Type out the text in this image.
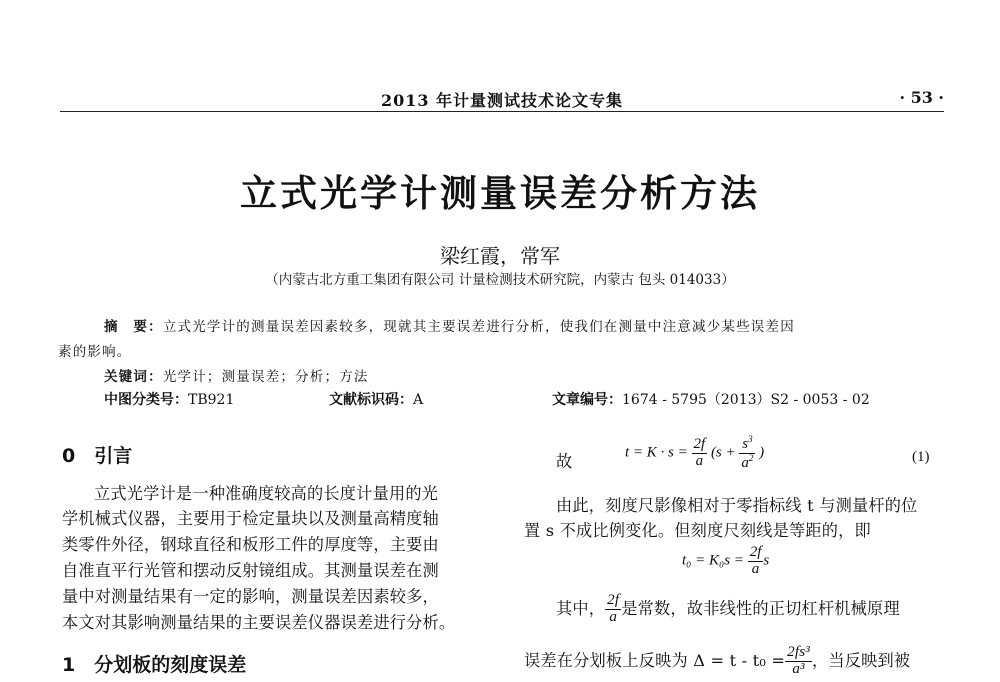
2013 年计量测试技术论文专集	· 53 ·
立式光学计测量误差分析方法
梁红霞，常军
（内蒙古北方重工集团有限公司 计量检测技术研究院，内蒙古 包头 014033）
摘　要：立式光学计的测量误差因素较多，现就其主要误差进行分析，使我们在测量中注意减少某些误差因
素的影响。
关键词：光学计；测量误差；分析；方法
中图分类号：TB921	文献标识码：A	文章编号：1674 - 5795（2013）S2 - 0053 - 02
0　引言
立式光学计是一种准确度较高的长度计量用的光
学机械式仪器，主要用于检定量块以及测量高精度轴
类零件外径，钢球直径和板形工件的厚度等，主要由
自准直平行光管和摆动反射镜组成。其测量误差在测
量中对测量结果有一定的影响，测量误差因素较多，
本文对其影响测量结果的主要误差仪器误差进行分析。
1　分划板的刻度误差
故	$t = K \cdot s = \frac{2f}{a} (s + \frac{s^3}{a^2}$ )	(1)
由此，刻度尺影像相对于零指标线 t 与测量杆的位
置 s 不成比例变化。但刻度尺刻线是等距的，即
$t_0 = K_0s = \frac{2f}{a}$ s
其中， $\frac{2f}{a}$ 是常数，故非线性的正切杠杆机械原理
误差在分划板上反映为 $\Delta = t - t_0 = \frac{\text{2fs³}}{\text{a³}}$ ，当反映到被
